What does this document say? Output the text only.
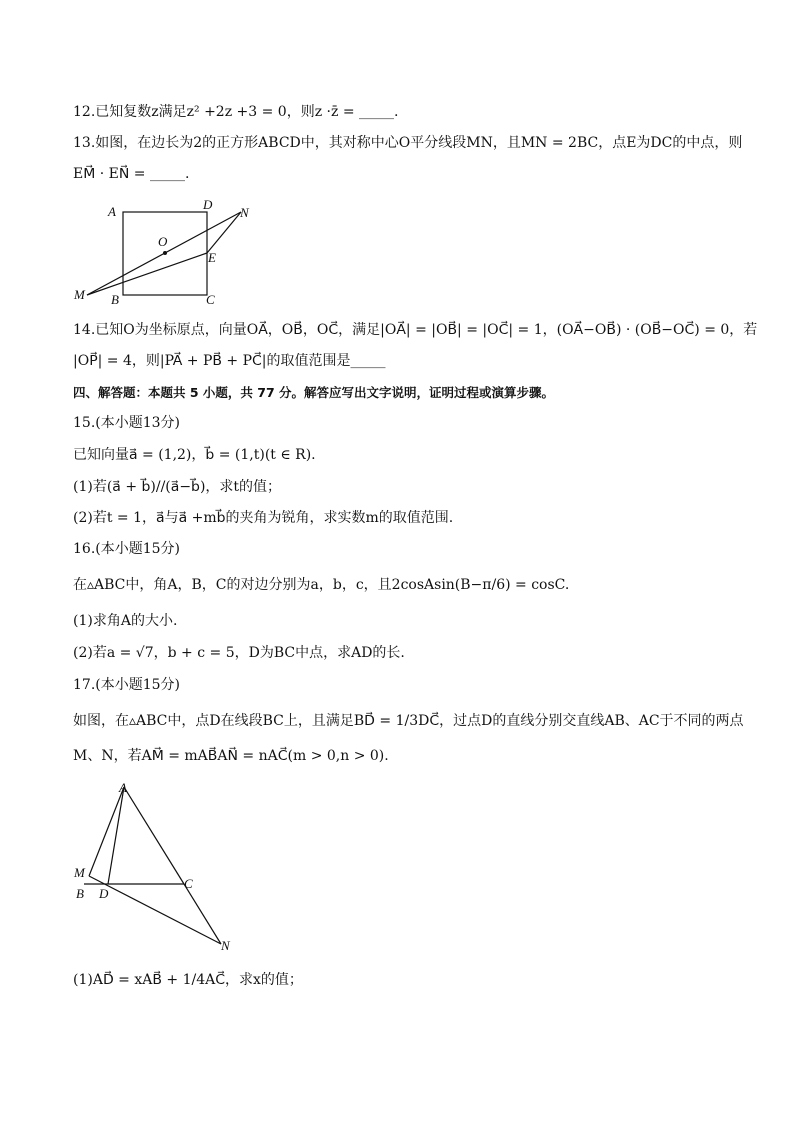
12.已知复数z满足z² +2z +3 = 0，则z ·z̄ = _____.
13.如图，在边长为2的正方形ABCD中，其对称中心O平分线段MN，且MN = 2BC，点E为DC的中点，则
EM⃗ · EN⃗ = _____.
A	D
N
O
E
M B	C
14.已知O为坐标原点，向量OA⃗，OB⃗，OC⃗，满足|OA⃗| = |OB⃗| = |OC⃗| = 1，(OA⃗−OB⃗) · (OB⃗−OC⃗) = 0，若
|OP⃗| = 4，则|PA⃗ + PB⃗ + PC⃗|的取值范围是_____
四、解答题：本题共 5 小题，共 77 分。解答应写出文字说明，证明过程或演算步骤。
15.(本小题13分)
已知向量a⃗ = (1,2)，b⃗ = (1,t)(t ∈ R).
(1)若(a⃗ + b⃗)//(a⃗−b⃗)，求t的值；
(2)若t = 1，a⃗与a⃗ +mb⃗的夹角为锐角，求实数m的取值范围.
16.(本小题15分)
在▵ABC中，角A，B，C的对边分别为a，b，c，且2cosAsin(B−π/6) = cosC.
(1)求角A的大小.
(2)若a = √7，b + c = 5，D为BC中点，求AD的长.
17.(本小题15分)
如图，在▵ABC中，点D在线段BC上，且满足BD⃗ = 1/3DC⃗，过点D的直线分别交直线AB、AC于不同的两点
M、N，若AM⃗ = mAB⃗AN⃗ = nAC⃗(m > 0,n > 0).
A
M
B D
C
N
(1)AD⃗ = xAB⃗ + 1/4AC⃗，求x的值；
